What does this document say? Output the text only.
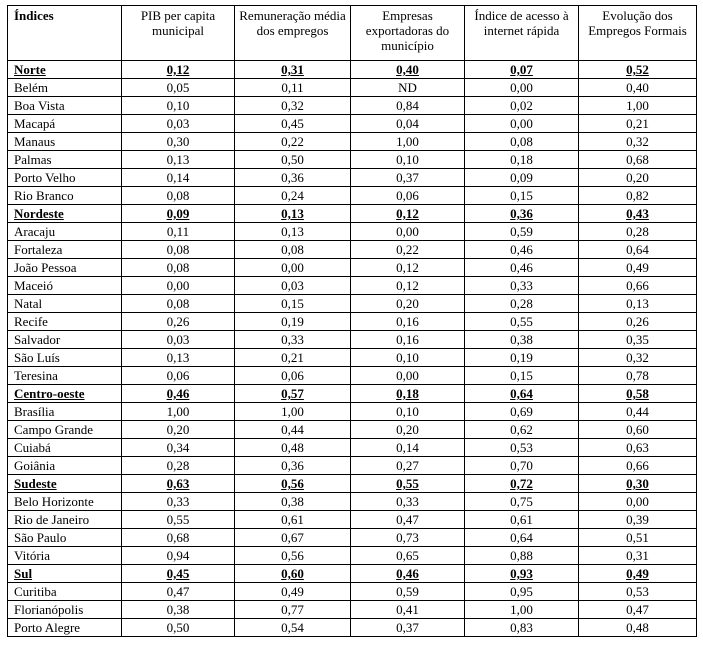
Índices	PIB per capita municipal	Remuneração média dos empregos	Empresas exportadoras do município	Índice de acesso à internet rápida	Evolução dos Empregos Formais
Norte	0,12	0,31	0,40	0,07	0,52
Belém	0,05	0,11	ND	0,00	0,40
Boa Vista	0,10	0,32	0,84	0,02	1,00
Macapá	0,03	0,45	0,04	0,00	0,21
Manaus	0,30	0,22	1,00	0,08	0,32
Palmas	0,13	0,50	0,10	0,18	0,68
Porto Velho	0,14	0,36	0,37	0,09	0,20
Rio Branco	0,08	0,24	0,06	0,15	0,82
Nordeste	0,09	0,13	0,12	0,36	0,43
Aracaju	0,11	0,13	0,00	0,59	0,28
Fortaleza	0,08	0,08	0,22	0,46	0,64
João Pessoa	0,08	0,00	0,12	0,46	0,49
Maceió	0,00	0,03	0,12	0,33	0,66
Natal	0,08	0,15	0,20	0,28	0,13
Recife	0,26	0,19	0,16	0,55	0,26
Salvador	0,03	0,33	0,16	0,38	0,35
São Luís	0,13	0,21	0,10	0,19	0,32
Teresina	0,06	0,06	0,00	0,15	0,78
Centro-oeste	0,46	0,57	0,18	0,64	0,58
Brasília	1,00	1,00	0,10	0,69	0,44
Campo Grande	0,20	0,44	0,20	0,62	0,60
Cuiabá	0,34	0,48	0,14	0,53	0,63
Goiânia	0,28	0,36	0,27	0,70	0,66
Sudeste	0,63	0,56	0,55	0,72	0,30
Belo Horizonte	0,33	0,38	0,33	0,75	0,00
Rio de Janeiro	0,55	0,61	0,47	0,61	0,39
São Paulo	0,68	0,67	0,73	0,64	0,51
Vitória	0,94	0,56	0,65	0,88	0,31
Sul	0,45	0,60	0,46	0,93	0,49
Curitiba	0,47	0,49	0,59	0,95	0,53
Florianópolis	0,38	0,77	0,41	1,00	0,47
Porto Alegre	0,50	0,54	0,37	0,83	0,48
